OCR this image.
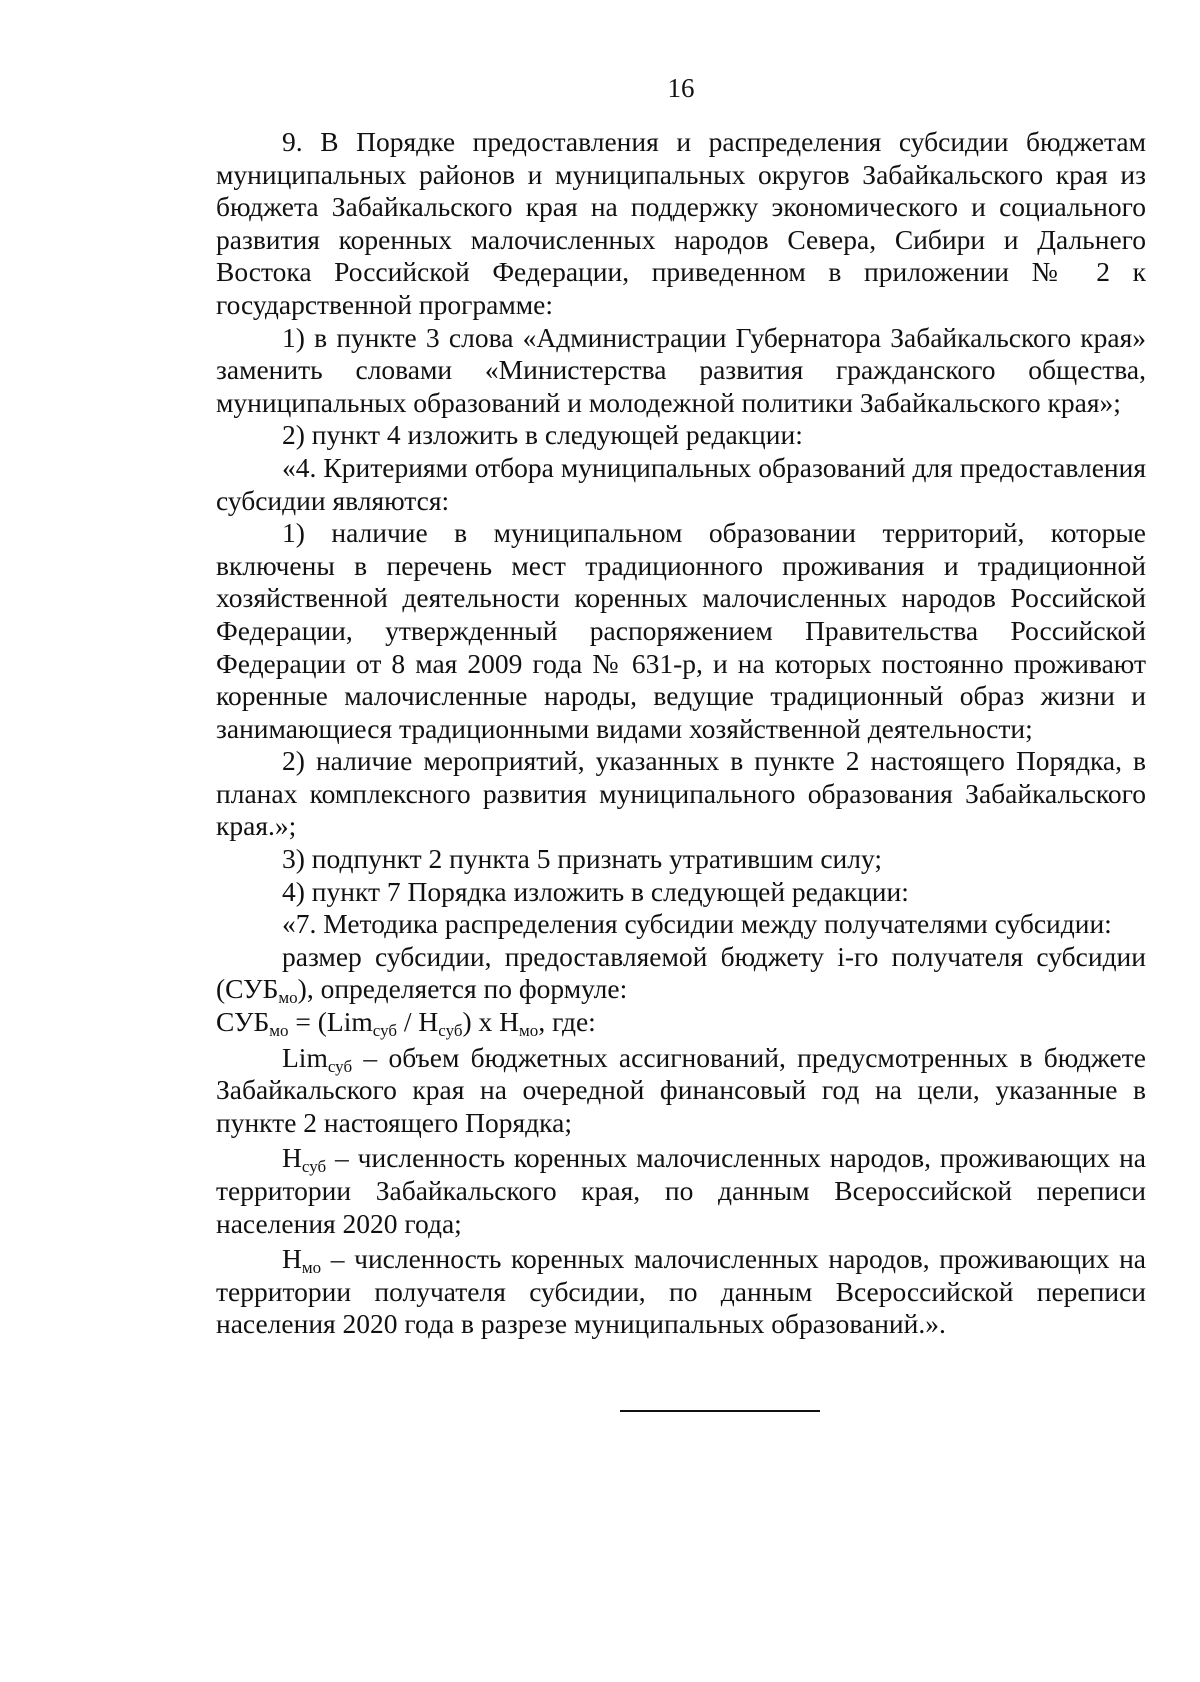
16

9. В Порядке предоставления и распределения субсидии бюджетам муниципальных районов и муниципальных округов Забайкальского края из бюджета Забайкальского края на поддержку экономического и социального развития коренных малочисленных народов Севера, Сибири и Дальнего Востока Российской Федерации, приведенном в приложении № 2 к государственной программе:

1) в пункте 3 слова «Администрации Губернатора Забайкальского края» заменить словами «Министерства развития гражданского общества, муниципальных образований и молодежной политики Забайкальского края»;

2) пункт 4 изложить в следующей редакции:

«4. Критериями отбора муниципальных образований для предоставления субсидии являются:

1) наличие в муниципальном образовании территорий, которые включены в перечень мест традиционного проживания и традиционной хозяйственной деятельности коренных малочисленных народов Российской Федерации, утвержденный распоряжением Правительства Российской Федерации от 8 мая 2009 года № 631-р, и на которых постоянно проживают коренные малочисленные народы, ведущие традиционный образ жизни и занимающиеся традиционными видами хозяйственной деятельности;

2) наличие мероприятий, указанных в пункте 2 настоящего Порядка, в планах комплексного развития муниципального образования Забайкальского края.»;

3) подпункт 2 пункта 5 признать утратившим силу;

4) пункт 7 Порядка изложить в следующей редакции:

«7. Методика распределения субсидии между получателями субсидии:

размер субсидии, предоставляемой бюджету i-го получателя субсидии $(СУБ_{мо})$, определяется по формуле:

$СУБ_{мо} = (Lim_{суб} / Н_{суб})$ х $Н_{мо}$, где:

Lim$_{суб}$ – объем бюджетных ассигнований, предусмотренных в бюджете Забайкальского края на очередной финансовый год на цели, указанные в пункте 2 настоящего Порядка;

$Н_{суб}$ – численность коренных малочисленных народов, проживающих на территории Забайкальского края, по данным Всероссийской переписи населения 2020 года;

$Н_{мо}$ – численность коренных малочисленных народов, проживающих на территории получателя субсидии, по данным Всероссийской переписи населения 2020 года в разрезе муниципальных образований.».
